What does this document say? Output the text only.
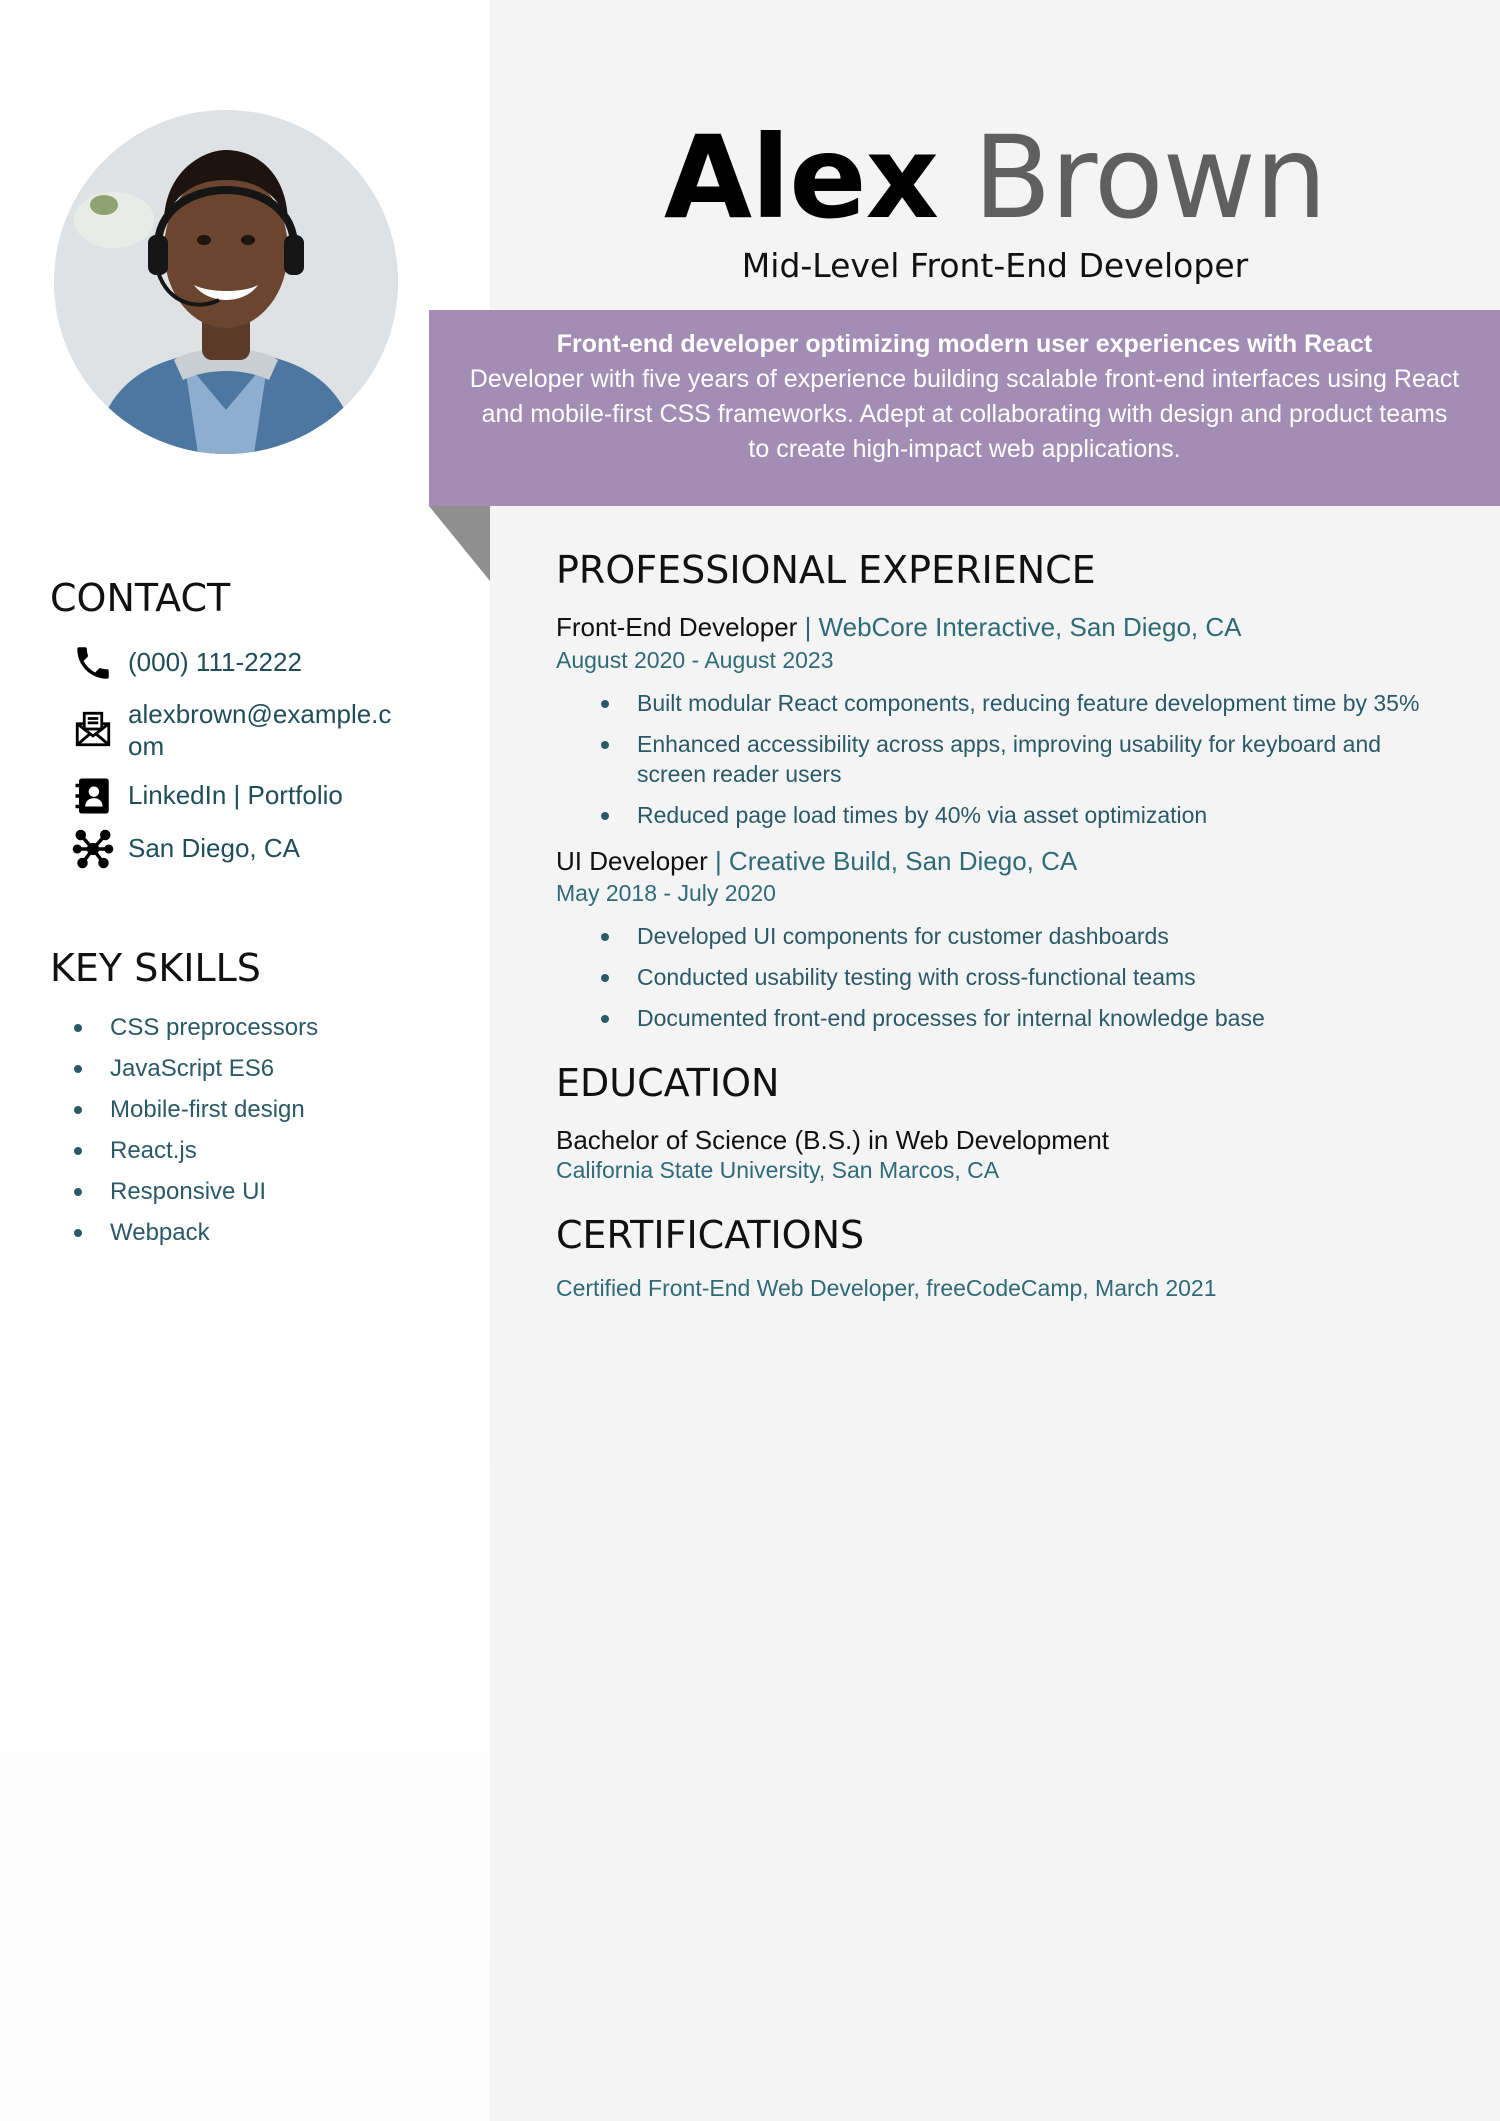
Alex Brown
Mid-Level Front-End Developer
Front-end developer optimizing modern user experiences with React
Developer with five years of experience building scalable front-end interfaces using React and mobile-first CSS frameworks. Adept at collaborating with design and product teams to create high-impact web applications.
CONTACT
(000) 111-2222
alexbrown@example.com
LinkedIn | Portfolio
San Diego, CA
KEY SKILLS
CSS preprocessors
JavaScript ES6
Mobile-first design
React.js
Responsive UI
Webpack
PROFESSIONAL EXPERIENCE
Front-End Developer | WebCore Interactive, San Diego, CA
August 2020 - August 2023
Built modular React components, reducing feature development time by 35%
Enhanced accessibility across apps, improving usability for keyboard and screen reader users
Reduced page load times by 40% via asset optimization
UI Developer | Creative Build, San Diego, CA
May 2018 - July 2020
Developed UI components for customer dashboards
Conducted usability testing with cross-functional teams
Documented front-end processes for internal knowledge base
EDUCATION
Bachelor of Science (B.S.) in Web Development
California State University, San Marcos, CA
CERTIFICATIONS
Certified Front-End Web Developer, freeCodeCamp, March 2021
